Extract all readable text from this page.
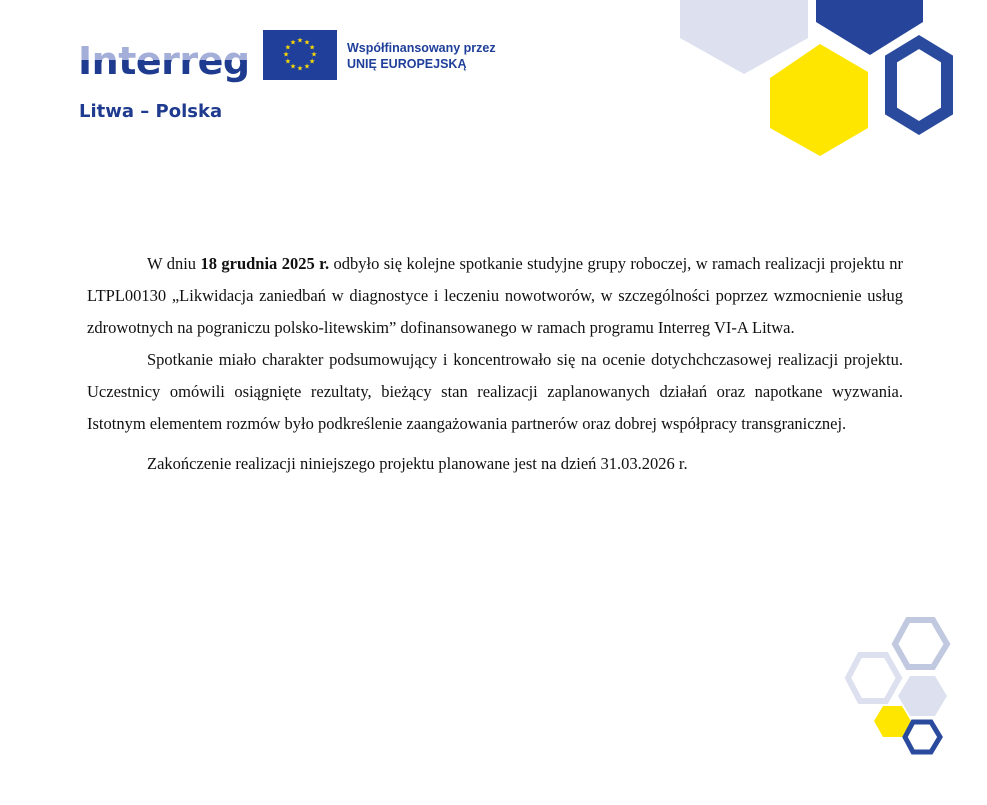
Interreg	★ ★
★
★
★
★
★
★
★
★
★
★	Współfinansowany przez
UNIĘ EUROPEJSKĄ
Litwa – Polska

W dniu 18 grudnia 2025 r. odbyło się kolejne spotkanie studyjne grupy roboczej, w ramach realizacji projektu nr LTPL00130 „Likwidacja zaniedbań w diagnostyce i leczeniu nowotworów, w szczególności poprzez wzmocnienie usług zdrowotnych na pograniczu polsko-litewskim” dofinansowanego w ramach programu Interreg VI-A Litwa.

Spotkanie miało charakter podsumowujący i koncentrowało się na ocenie dotychchczasowej realizacji projektu. Uczestnicy omówili osiągnięte rezultaty, bieżący stan realizacji zaplanowanych działań oraz napotkane wyzwania. Istotnym elementem rozmów było podkreślenie zaangażowania partnerów oraz dobrej współpracy transgranicznej.

Zakończenie realizacji niniejszego projektu planowane jest na dzień 31.03.2026 r.
